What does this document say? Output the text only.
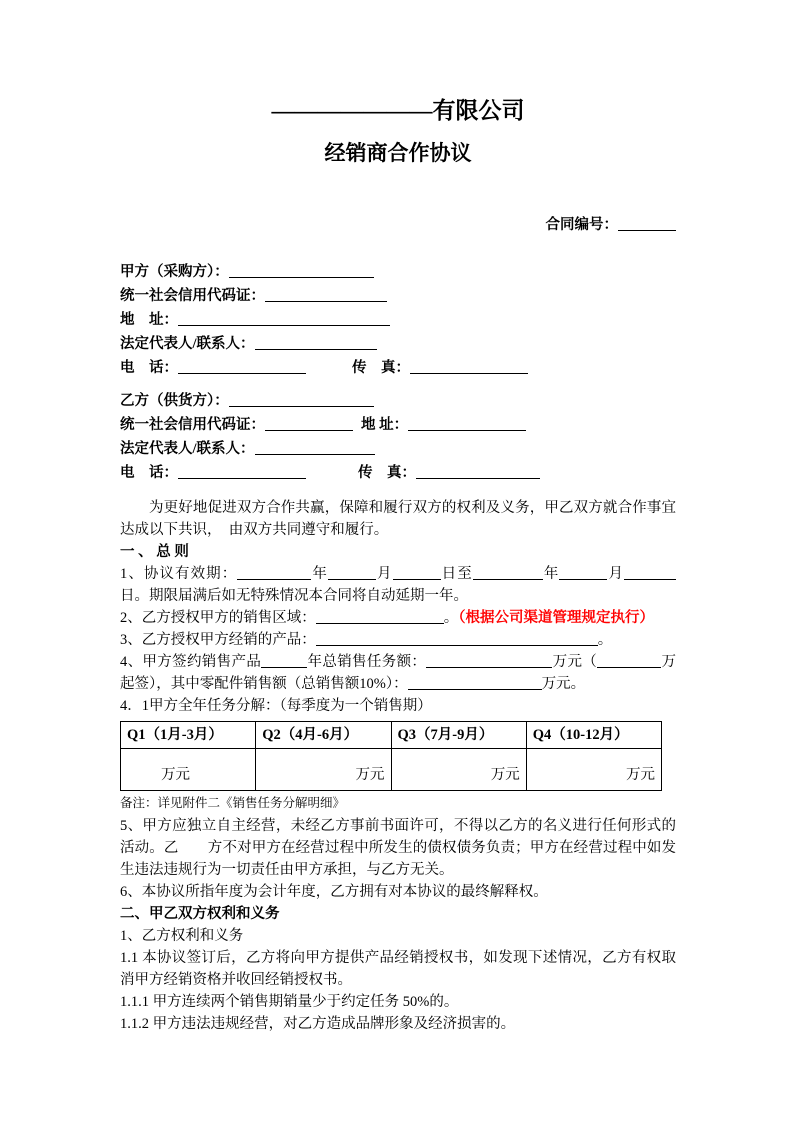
———————有限公司
经销商合作协议
合同编号：
甲方（采购方）：
统一社会信用代码证：
地　址：
法定代表人/联系人：
电　话：	传　真：
乙方（供货方）：
统一社会信用代码证：	地 址：
法定代表人/联系人：
电　话：	传　真：

为更好地促进双方合作共赢，保障和履行双方的权利及义务，甲乙双方就合作事宜达成以下共识，　由双方共同遵守和履行。

一 、 总 则

1、协议有效期：	年	月	日至	年	月日。期限届满后如无特殊情况本合同将自动延期一年。

2、乙方授权甲方的销售区域：	。（根据公司渠道管理规定执行）

3、乙方授权甲方经销的产品：	。

4、甲方签约销售产品	年总销售任务额：	万元（	万起签），其中零配件销售额（总销售额10%）：	万元。

4．1甲方全年任务分解：（每季度为一个销售期）

Q1（1月-3月）	Q2（4月-6月）	Q3（7月-9月）	Q4（10-12月）
万元	万元	万元	万元

备注：详见附件二《销售任务分解明细》

5、甲方应独立自主经营，未经乙方事前书面许可，不得以乙方的名义进行任何形式的活动。乙　　方不对甲方在经营过程中所发生的债权债务负责；甲方在经营过程中如发生违法违规行为一切责任由甲方承担，与乙方无关。

6、本协议所指年度为会计年度，乙方拥有对本协议的最终解释权。

二、甲乙双方权利和义务

1、乙方权利和义务

1.1 本协议签订后，乙方将向甲方提供产品经销授权书，如发现下述情况，乙方有权取消甲方经销资格并收回经销授权书。

1.1.1 甲方连续两个销售期销量少于约定任务 50%的。

1.1.2 甲方违法违规经营，对乙方造成品牌形象及经济损害的。
